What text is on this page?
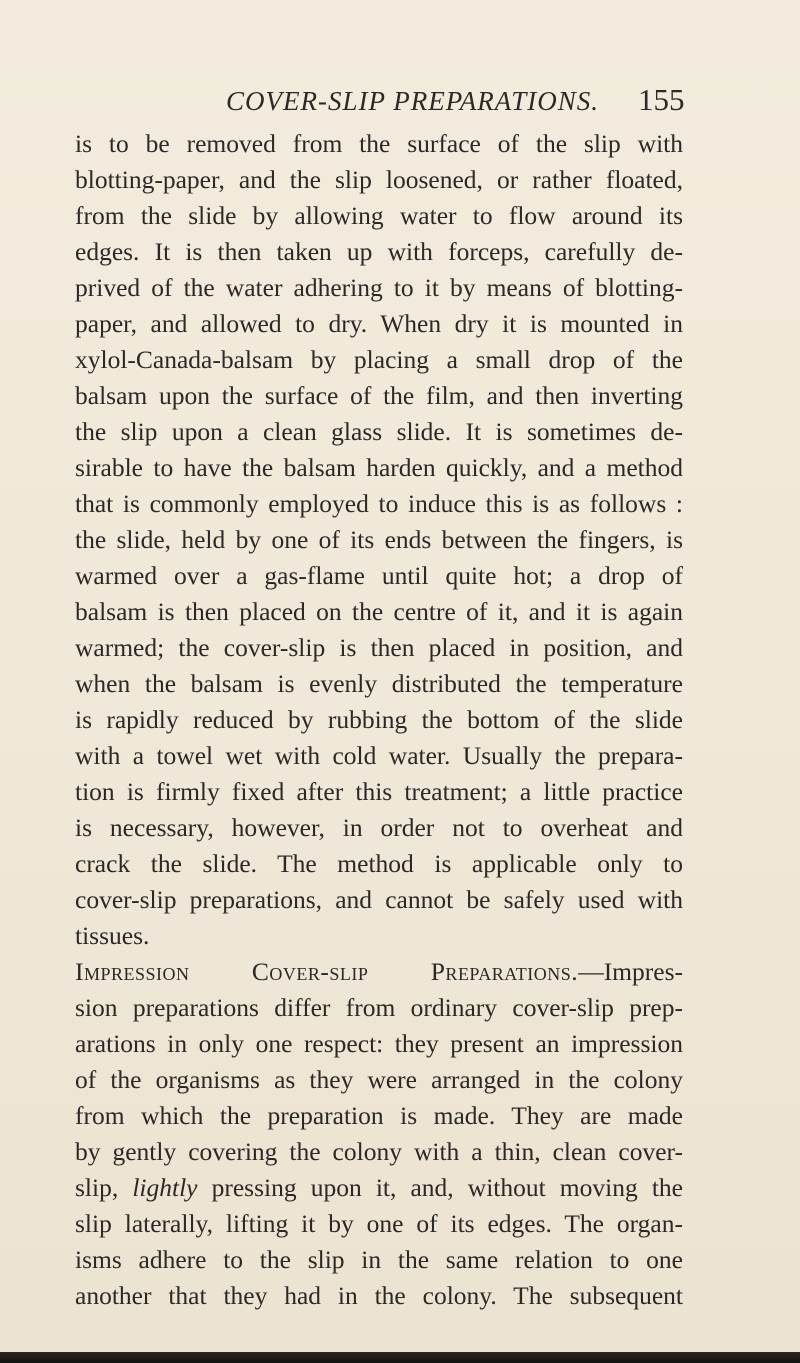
COVER-SLIP PREPARATIONS. 155
is to be removed from the surface of the slip with
blotting-paper, and the slip loosened, or rather floated,
from the slide by allowing water to flow around its
edges. It is then taken up with forceps, carefully de-
prived of the water adhering to it by means of blotting-
paper, and allowed to dry. When dry it is mounted in
xylol-Canada-balsam by placing a small drop of the
balsam upon the surface of the film, and then inverting
the slip upon a clean glass slide. It is sometimes de-
sirable to have the balsam harden quickly, and a method
that is commonly employed to induce this is as follows :
the slide, held by one of its ends between the fingers, is
warmed over a gas-flame until quite hot; a drop of
balsam is then placed on the centre of it, and it is again
warmed; the cover-slip is then placed in position, and
when the balsam is evenly distributed the temperature
is rapidly reduced by rubbing the bottom of the slide
with a towel wet with cold water. Usually the prepara-
tion is firmly fixed after this treatment; a little practice
is necessary, however, in order not to overheat and
crack the slide. The method is applicable only to
cover-slip preparations, and cannot be safely used with
tissues.
Impression Cover-slip Preparations.—Impres-
sion preparations differ from ordinary cover-slip prep-
arations in only one respect: they present an impression
of the organisms as they were arranged in the colony
from which the preparation is made. They are made
by gently covering the colony with a thin, clean cover-
slip, lightly pressing upon it, and, without moving the
slip laterally, lifting it by one of its edges. The organ-
isms adhere to the slip in the same relation to one
another that they had in the colony. The subsequent
